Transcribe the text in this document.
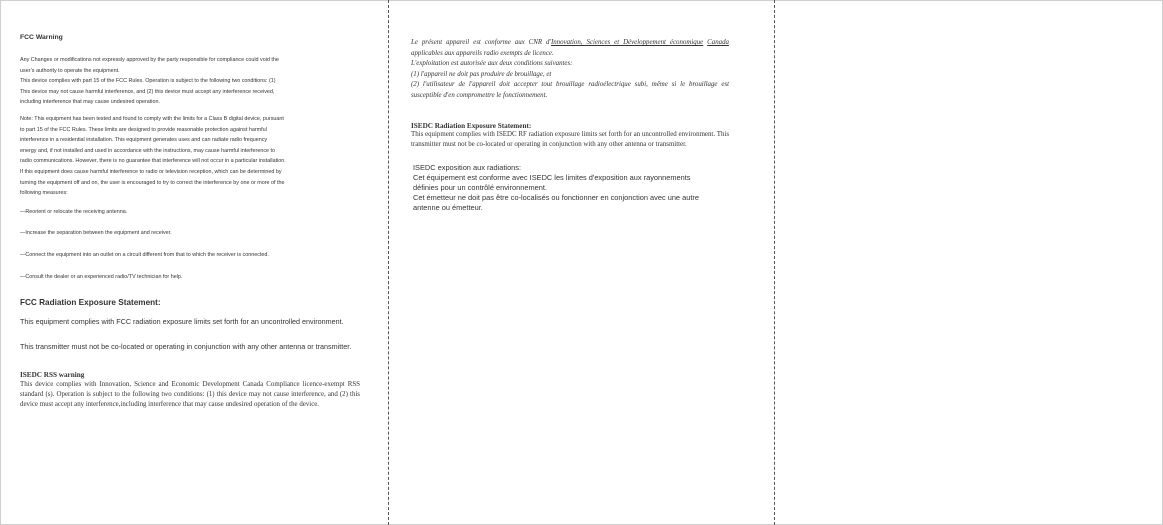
FCC Warning

Any Changes or modifications not expressly approved by the party responsible for compliance could void the

user’s authority to operate the equipment.

This device complies with part 15 of the FCC Rules. Operation is subject to the following two conditions: (1)

This device may not cause harmful interference, and (2) this device must accept any interference received,

including interference that may cause undesired operation.

Note: This equipment has been tested and found to comply with the limits for a Class B digital device, pursuant

to part 15 of the FCC Rules. These limits are designed to provide reasonable protection against harmful

interference in a residential installation. This equipment generates uses and can radiate radio frequency

energy and, if not installed and used in accordance with the instructions, may cause harmful interference to

radio communications. However, there is no guarantee that interference will not occur in a particular installation.

If this equipment does cause harmful interference to radio or television reception, which can be determined by

turning the equipment off and on, the user is encouraged to try to correct the interference by one or more of the

following measures:

—Reorient or relocate the receiving antenna.

—Increase the separation between the equipment and receiver.

—Connect the equipment into an outlet on a circuit different from that to which the receiver is connected.

—Consult the dealer or an experienced radio/TV technician for help.

FCC Radiation Exposure Statement:

This equipment complies with FCC radiation exposure limits set forth for an uncontrolled environment.

This transmitter must not be co-located or operating in conjunction with any other antenna or transmitter.

ISEDC RSS warning

This device complies with Innovation, Science and Economic Development Canada Compliance licence-exempt RSS standard (s). Operation is subject to the following two conditions: (1) this device may not cause interference, and (2) this device must accept any interference,including interference that may cause undesired operation of the device.

Le présent appareil est conforme aux CNR d'Innovation, Sciences et Développement économique Canada applicables aux appareils radio exempts de licence.

L'exploitation est autorisée aux deux conditions suivantes:

(1) l'appareil ne doit pas produire de brouillage, et

(2) l'utilisateur de l'appareil doit accepter tout brouillage radioélectrique subi, même si le brouillage est susceptible d'en compromettre le fonctionnement.

ISEDC Radiation Exposure Statement:

This equipment complies with ISEDC RF radiation exposure limits set forth for an uncontrolled environment. This transmitter must not be co-located or operating in conjunction with any other antenna or transmitter.

ISEDC exposition aux radiations:

Cet équipement est conforme avec ISEDC les limites d'exposition aux rayonnements

définies pour un contrôlé environnement.

Cet émetteur ne doit pas être co-localisés ou fonctionner en conjonction avec une autre

antenne ou émetteur.
